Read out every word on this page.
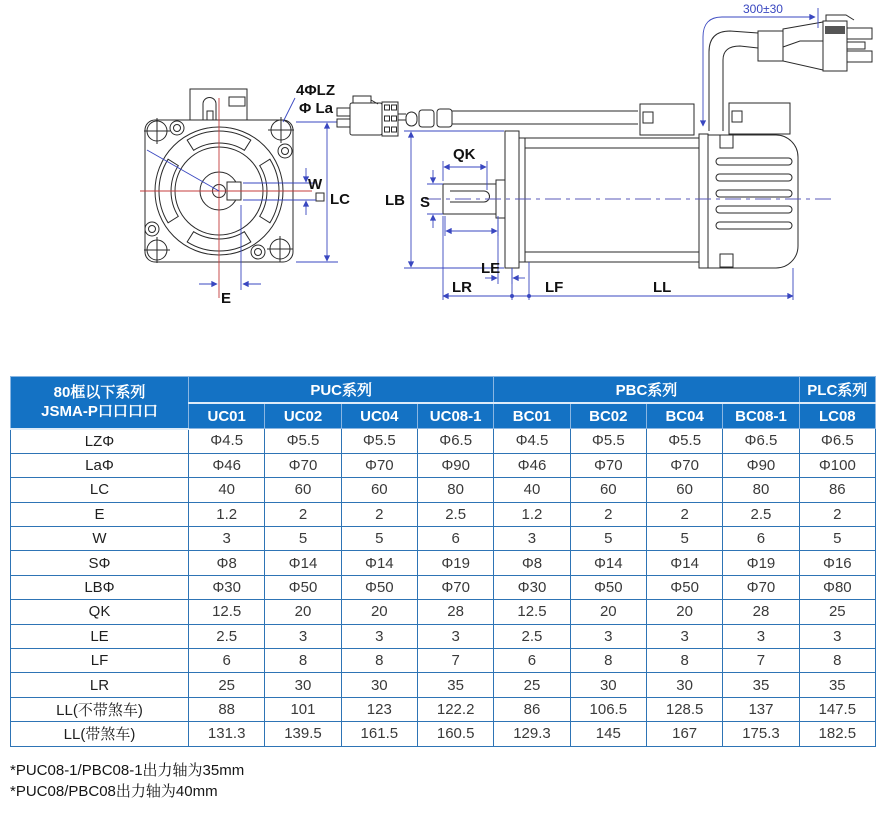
4ΦLZ
Φ La
W
LC
E
QK
S
LB
LE
LR	LF	LL
300±30
80框以下系列
JSMA-P口口口口	PUC系列				PBC系列				PLC系列
	UC01	UC02	UC04	UC08-1	BC01	BC02	BC04	BC08-1	LC08
LZΦ	Φ4.5	Φ5.5	Φ5.5	Φ6.5	Φ4.5	Φ5.5	Φ5.5	Φ6.5	Φ6.5
LaΦ	Φ46	Φ70	Φ70	Φ90	Φ46	Φ70	Φ70	Φ90	Φ100
LC	40	60	60	80	40	60	60	80	86
E	1.2	2	2	2.5	1.2	2	2	2.5	2
W	3	5	5	6	3	5	5	6	5
SΦ	Φ8	Φ14	Φ14	Φ19	Φ8	Φ14	Φ14	Φ19	Φ16
LBΦ	Φ30	Φ50	Φ50	Φ70	Φ30	Φ50	Φ50	Φ70	Φ80
QK	12.5	20	20	28	12.5	20	20	28	25
LE	2.5	3	3	3	2.5	3	3	3	3
LF	6	8	8	7	6	8	8	7	8
LR	25	30	30	35	25	30	30	35	35
LL(不带煞车)	88	101	123	122.2	86	106.5	128.5	137	147.5
LL(带煞车)	131.3	139.5	161.5	160.5	129.3	145	167	175.3	182.5
*PUC08-1/PBC08-1出力轴为35mm
*PUC08/PBC08出力轴为40mm
